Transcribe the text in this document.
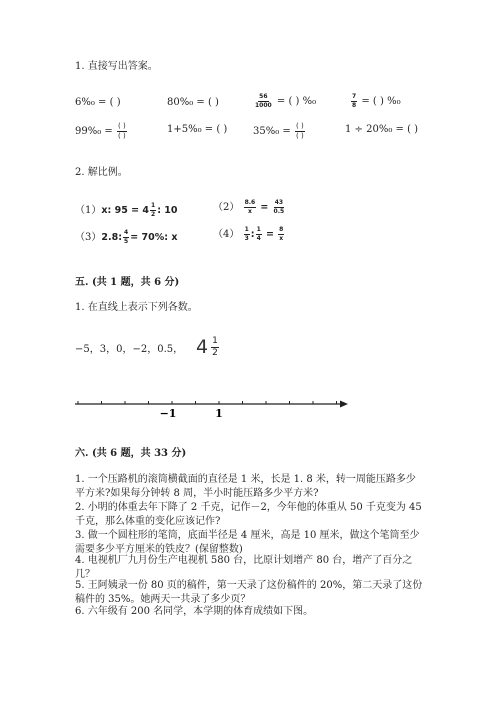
1. 直接写出答案。
6%₀ = ( )	80%₀ = ( )	$\frac{56}{1000}$ = ( ) %₀	$\frac{7}{8}$ = ( ) %₀
$99\%_0 = \frac{( )}{( )}$	1+5%₀ = ( )	$35\%_0 = \frac{( )}{( )}$	1 ÷ 20%₀ = ( )
2. 解比例。
（1）x: $95 = 4 \frac{1}{2}$ : 10	$(2) \frac{8.6}{x} = \frac{43}{0.5}$
（3）2.8: $\frac{4}{5} = 70\%$: x	$(4) \frac{1}{3}$ : $\frac{1}{4} = \frac{8}{x}$
五. (共 1 题，共 6 分)
1. 在直线上表示下列各数。
−5，3，0，−2，0.5， $4 \frac{1}{2}$
−1	1
六. (共 6 题，共 33 分)
1. 一个压路机的滚筒横截面的直径是 1 米，长是 1. 8 米，转一周能压路多少平方米?如果每分钟转 8 周，半小时能压路多少平方米?
2. 小明的体重去年下降了 2 千克，记作－2，今年他的体重从 50 千克变为 45 千克，那么体重的变化应该记作?
3. 做一个圆柱形的笔筒，底面半径是 4 厘米，高是 10 厘米，做这个笔筒至少需要多少平方厘米的铁皮？(保留整数)
4. 电视机厂九月份生产电视机 580 台，比原计划增产 80 台，增产了百分之几？
5. 王阿姨录一份 80 页的稿件，第一天录了这份稿件的 20%，第二天录了这份稿件的 35%。她两天一共录了多少页？
6. 六年级有 200 名同学，本学期的体育成绩如下图。
